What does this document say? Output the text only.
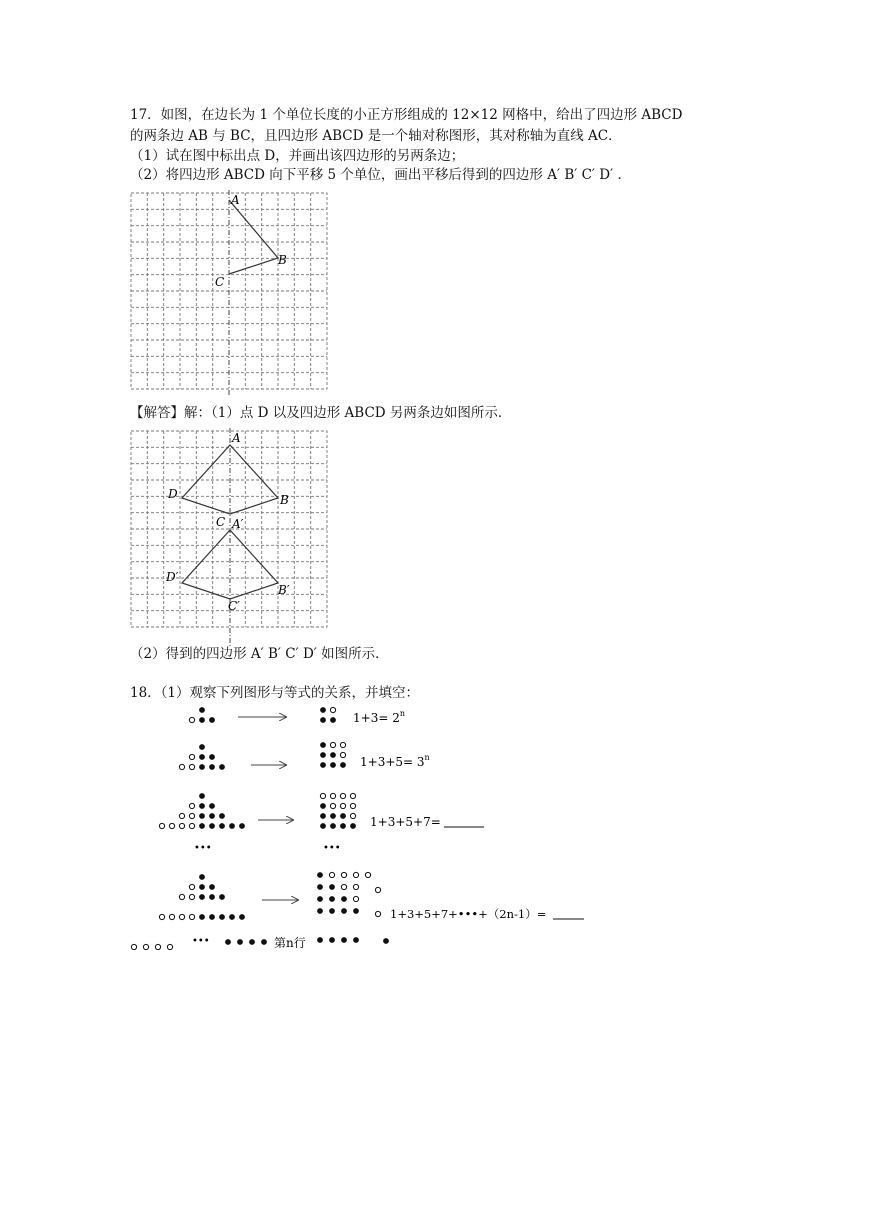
17．如图，在边长为 1 个单位长度的小正方形组成的 12×12 网格中，给出了四边形 ABCD
的两条边 AB 与 BC，且四边形 ABCD 是一个轴对称图形，其对称轴为直线 AC．
（1）试在图中标出点 D，并画出该四边形的另两条边；
（2）将四边形 ABCD 向下平移 5 个单位，画出平移后得到的四边形 A′ B′ C′ D′ ．
A
B
C
【解答】解：（1）点 D 以及四边形 ABCD 另两条边如图所示．
A
B
C
D
A′
B′
C′
D′
（2）得到的四边形 A′ B′ C′ D′ 如图所示．
18．（1）观察下列图形与等式的关系，并填空：
•••	•••
•••
$1+3= 2^n$
$1+3+5= 3^n$
1+3+5+7=
1+3+5+7+•••+（2n-1）=
第n行
